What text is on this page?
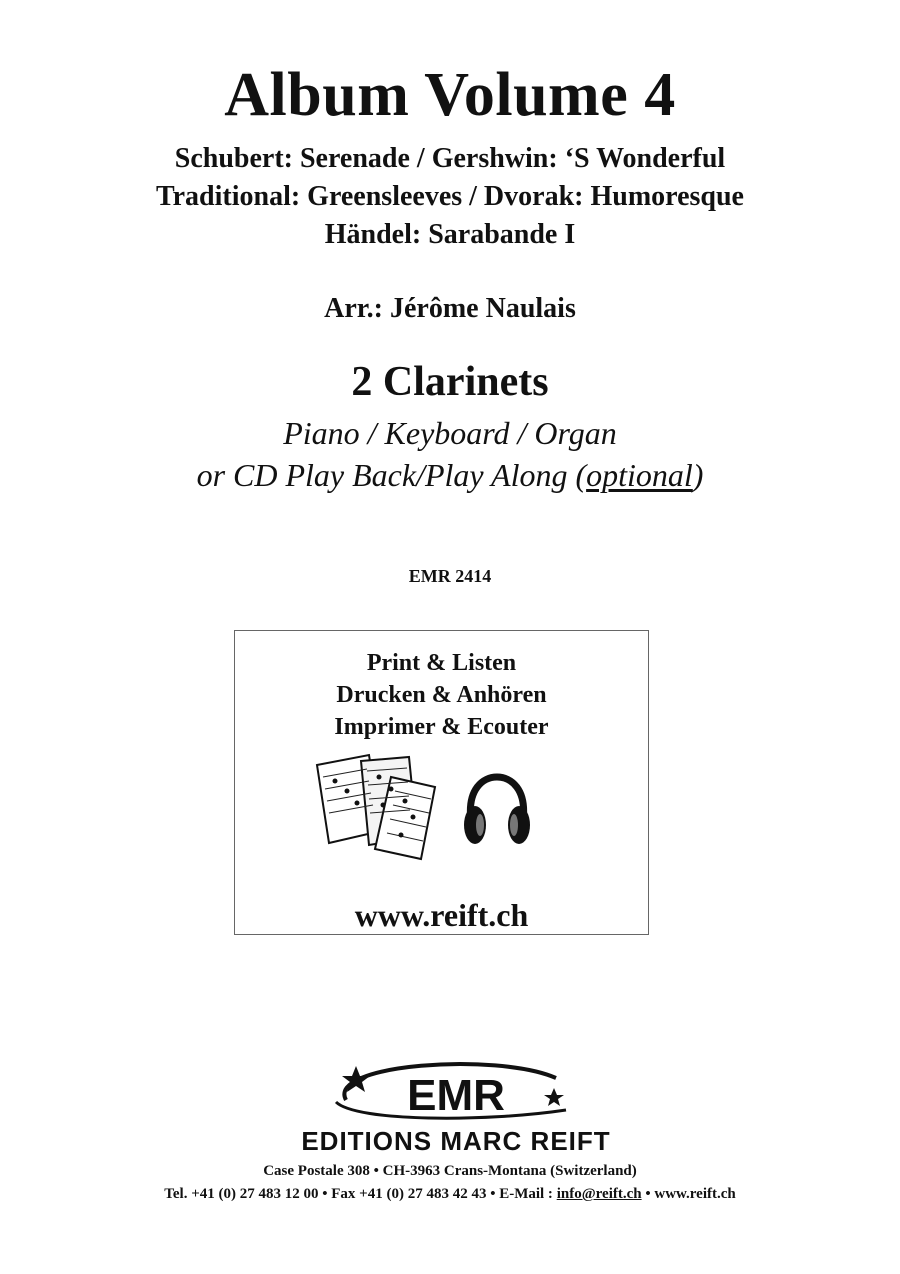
Album Volume 4
Schubert: Serenade / Gershwin: ‘S Wonderful
Traditional: Greensleeves / Dvorak: Humoresque
Händel: Sarabande I
Arr.: Jérôme Naulais
2 Clarinets
Piano / Keyboard / Organ
or CD Play Back/Play Along (optional)
EMR 2414
Print & Listen
Drucken & Anhören
Imprimer & Ecouter
www.reift.ch
EMR
EDITIONS MARC REIFT
Case Postale 308 • CH-3963 Crans-Montana (Switzerland)
Tel. +41 (0) 27 483 12 00 • Fax +41 (0) 27 483 42 43 • E-Mail : info@reift.ch • www.reift.ch
